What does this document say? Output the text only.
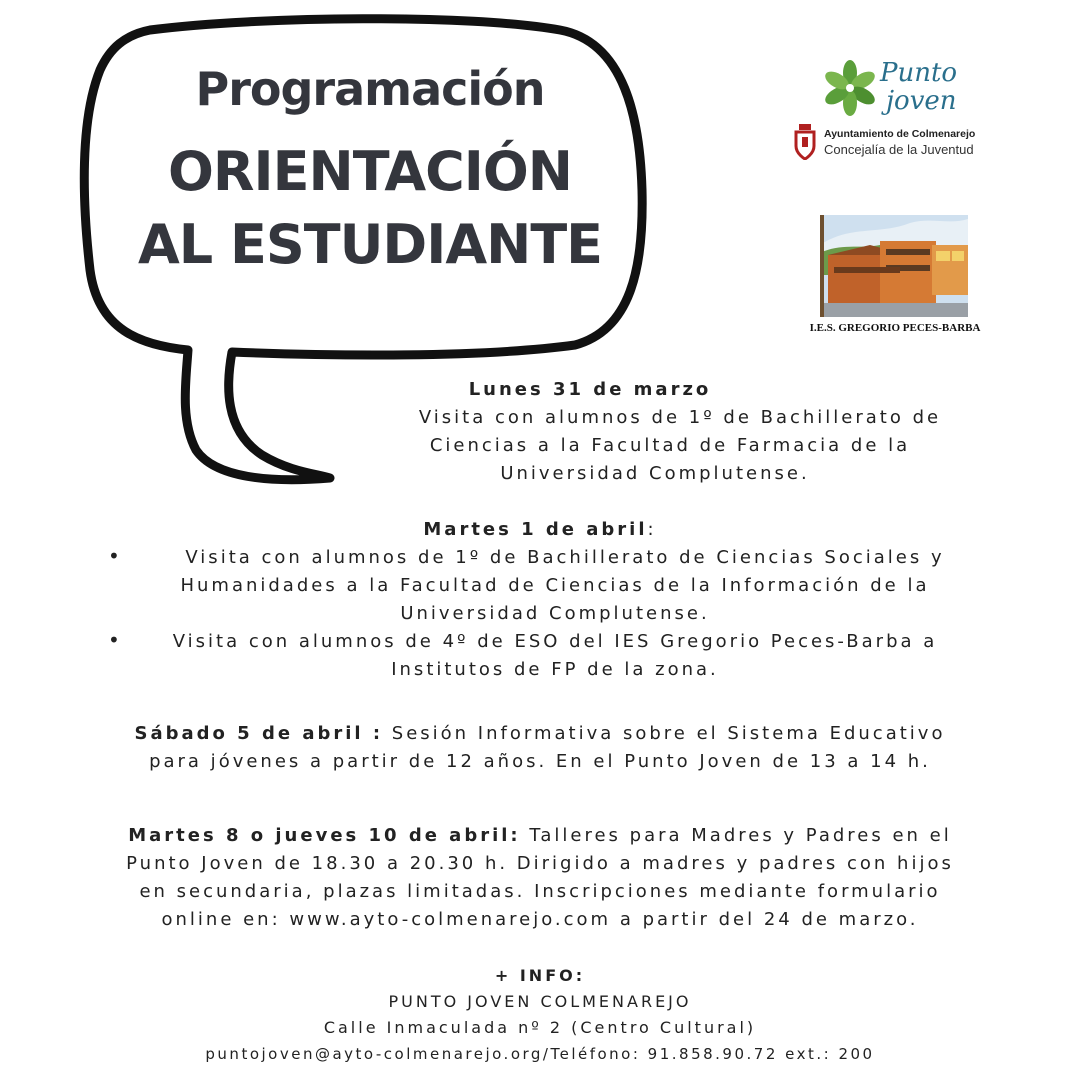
Programación
ORIENTACIÓN
AL ESTUDIANTE
Punto
joven
Ayuntamiento de Colmenarejo
Concejalía de la Juventud
I.E.S. GREGORIO PECES-BARBA
Lunes 31 de marzo
Visita con alumnos de 1º de Bachillerato de
Ciencias a la Facultad de Farmacia de la
Universidad Complutense.
Martes 1 de abril:
•	Visita con alumnos de 1º de Bachillerato de Ciencias Sociales y
Humanidades a la Facultad de Ciencias de la Información de la
Universidad Complutense.
•	Visita con alumnos de 4º de ESO del IES Gregorio Peces-Barba a
Institutos de FP de la zona.
Sábado 5 de abril : Sesión Informativa sobre el Sistema Educativo
para jóvenes a partir de 12 años. En el Punto Joven de 13 a 14 h.
Martes 8 o jueves 10 de abril: Talleres para Madres y Padres en el
Punto Joven de 18.30 a 20.30 h. Dirigido a madres y padres con hijos
en secundaria, plazas limitadas. Inscripciones mediante formulario
online en: www.ayto-colmenarejo.com a partir del 24 de marzo.
+ INFO:
PUNTO JOVEN COLMENAREJO
Calle Inmaculada nº 2 (Centro Cultural)
puntojoven@ayto-colmenarejo.org/Teléfono: 91.858.90.72 ext.: 200
